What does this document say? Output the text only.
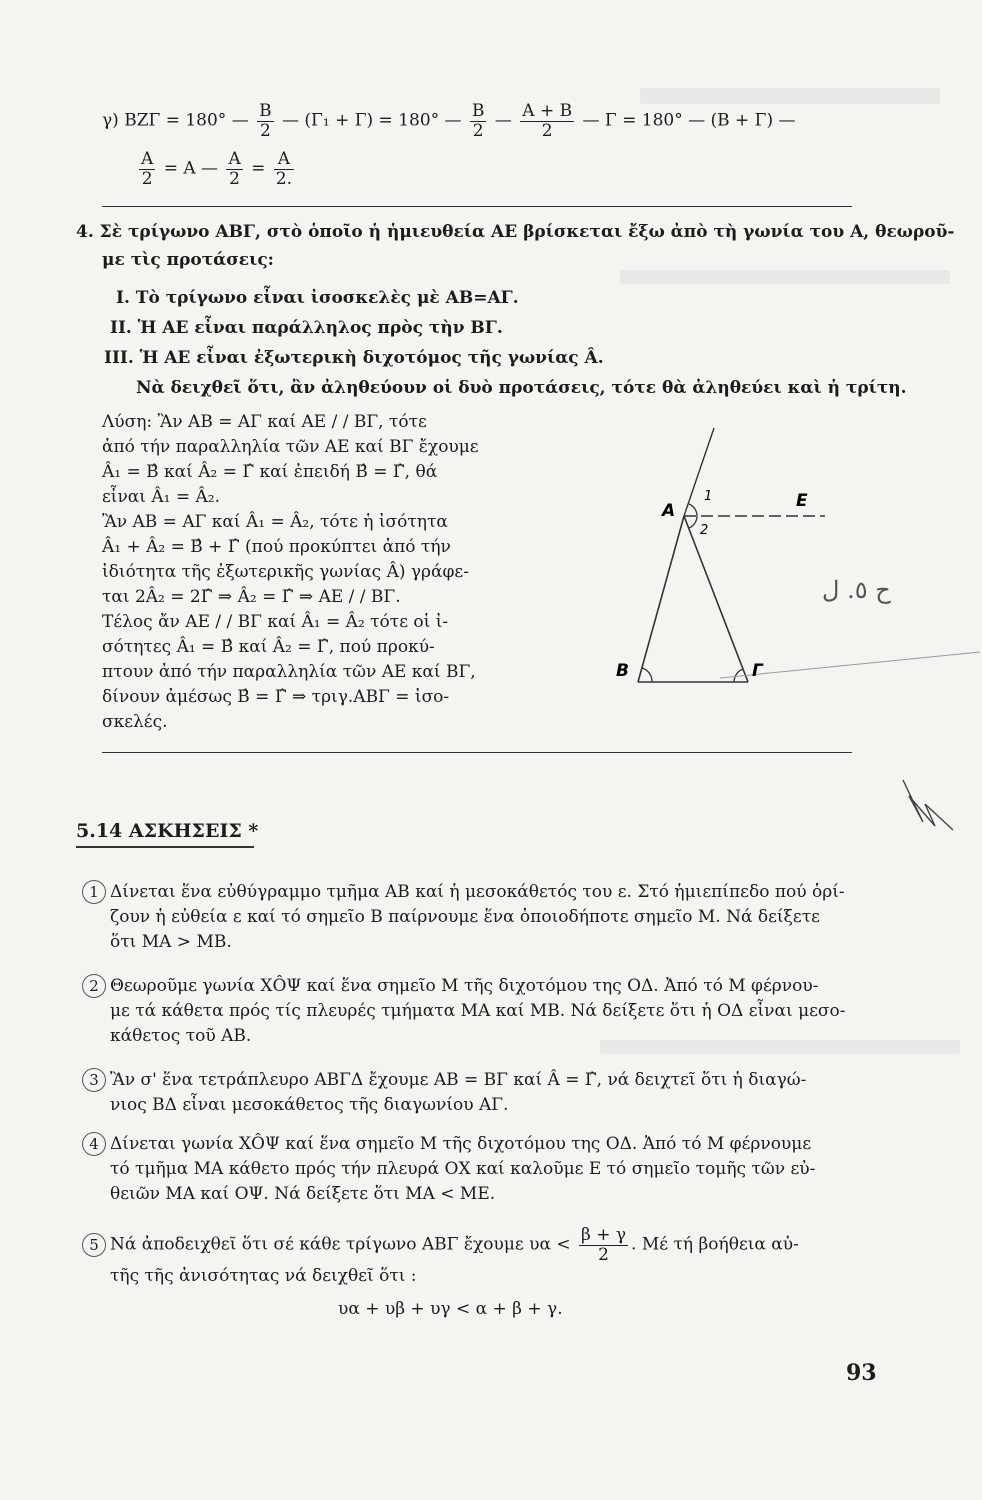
γ) ΒΖΓ = 180° — $\frac{B}{2}$ — (Γ₁ + Γ) = 180° — $\frac{B}{2}$ — $\frac{A + B}{2}$ — Γ = 180° — (Β + Γ) —
$\frac{A}{2} = A$ — $\frac{A}{2} = \frac{A}{2.}$
4. Σὲ τρίγωνο ΑΒΓ, στὸ ὁποῖο ἡ ἡμιευθεία ΑΕ βρίσκεται ἔξω ἀπὸ τὴ γωνία του Α, θεωροῦ-
με τὶς προτάσεις:
Ι. Τὸ τρίγωνο εἶναι ἰσοσκελὲς μὲ ΑΒ=ΑΓ.
ΙΙ. Ἡ ΑΕ εἶναι παράλληλος πρὸς τὴν ΒΓ.
ΙΙΙ. Ἡ ΑΕ εἶναι ἐξωτερικὴ διχοτόμος τῆς γωνίας Â.
Νὰ δειχθεῖ ὅτι, ἂν ἀληθεύουν οἱ δυὸ προτάσεις, τότε θὰ ἀληθεύει καὶ ἡ τρίτη.
Λύση: Ἂν ΑΒ = ΑΓ καί ΑΕ / / ΒΓ, τότε
ἀπό τήν παραλληλία τῶν ΑΕ καί ΒΓ ἔχουμε
Â₁ = Β̂ καί Â₂ = Γ̂ καί ἐπειδή Β̂ = Γ̂, θά
εἶναι Â₁ = Â₂.
Ἂν ΑΒ = ΑΓ καί Â₁ = Â₂, τότε ἡ ἰσότητα
Â₁ + Â₂ = Β̂ + Γ̂ (πού προκύπτει ἀπό τήν
ἰδιότητα τῆς ἐξωτερικῆς γωνίας Â) γράφε-
ται 2Â₂ = 2Γ̂ ⇒ Â₂ = Γ̂ ⇒ ΑΕ / / ΒΓ.
Τέλος ἄν ΑΕ / / ΒΓ καί Â₁ = Â₂ τότε οἱ ἰ-
σότητες Â₁ = Β̂ καί Â₂ = Γ̂, πού προκύ-
πτουν ἀπό τήν παραλληλία τῶν ΑΕ καί ΒΓ,
δίνουν ἀμέσως Β̂ = Γ̂ ⇒ τριγ.ΑΒΓ = ἰσο-
σκελές.
A
B	Γ
E
1
2
ح ٥. ل
5.14 ΑΣΚΗΣΕΙΣ *
1 Δίνεται ἕνα εὐθύγραμμο τμῆμα ΑΒ καί ἡ μεσοκάθετός του ε. Στό ἡμιεπίπεδο πού ὁρί-
ζουν ἡ εὐθεία ε καί τό σημεῖο Β παίρνουμε ἕνα ὁποιοδήποτε σημεῖο Μ. Νά δείξετε
ὅτι ΜΑ > ΜΒ.
2 Θεωροῦμε γωνία ΧÔΨ καί ἕνα σημεῖο Μ τῆς διχοτόμου της ΟΔ. Ἀπό τό Μ φέρνου-
με τά κάθετα πρός τίς πλευρές τμήματα ΜΑ καί ΜΒ. Νά δείξετε ὅτι ἡ ΟΔ εἶναι μεσο-
κάθετος τοῦ ΑΒ.
3 Ἂν σ' ἕνα τετράπλευρο ΑΒΓΔ ἔχουμε ΑΒ = ΒΓ καί Â = Γ̂, νά δειχτεῖ ὅτι ἡ διαγώ-
νιος ΒΔ εἶναι μεσοκάθετος τῆς διαγωνίου ΑΓ.
4 Δίνεται γωνία ΧÔΨ καί ἕνα σημεῖο Μ τῆς διχοτόμου της ΟΔ. Ἀπό τό Μ φέρνουμε
τό τμῆμα ΜΑ κάθετο πρός τήν πλευρά ΟΧ καί καλοῦμε Ε τό σημεῖο τομῆς τῶν εὐ-
θειῶν ΜΑ καί ΟΨ. Νά δείξετε ὅτι ΜΑ < ΜΕ.
5 Νά ἀποδειχθεῖ ὅτι σέ κάθε τρίγωνο ΑΒΓ ἔχουμε $\upsilon\alpha < \frac{\beta + \gamma}{2}$ . Μέ τή βοήθεια αὐ-
τῆς τῆς ἀνισότητας νά δειχθεῖ ὅτι :
υα + υβ + υγ < α + β + γ.
93
